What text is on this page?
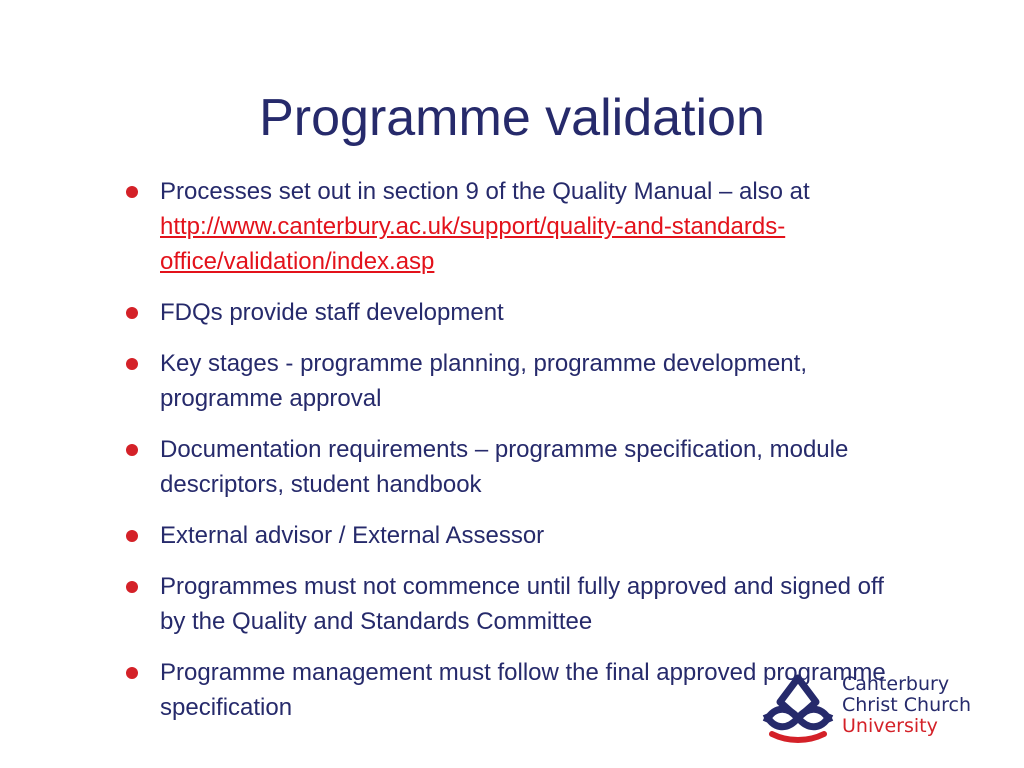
Programme validation
Processes set out in section 9 of the Quality Manual – also at http://www.canterbury.ac.uk/support/quality-and-standards-office/validation/index.asp
FDQs provide staff development
Key stages - programme planning, programme development, programme approval
Documentation requirements – programme specification, module descriptors, student handbook
External advisor / External Assessor
Programmes must not commence until fully approved and signed off by the Quality and Standards Committee
Programme management must follow the final approved programme specification
Canterbury
Christ Church
University
